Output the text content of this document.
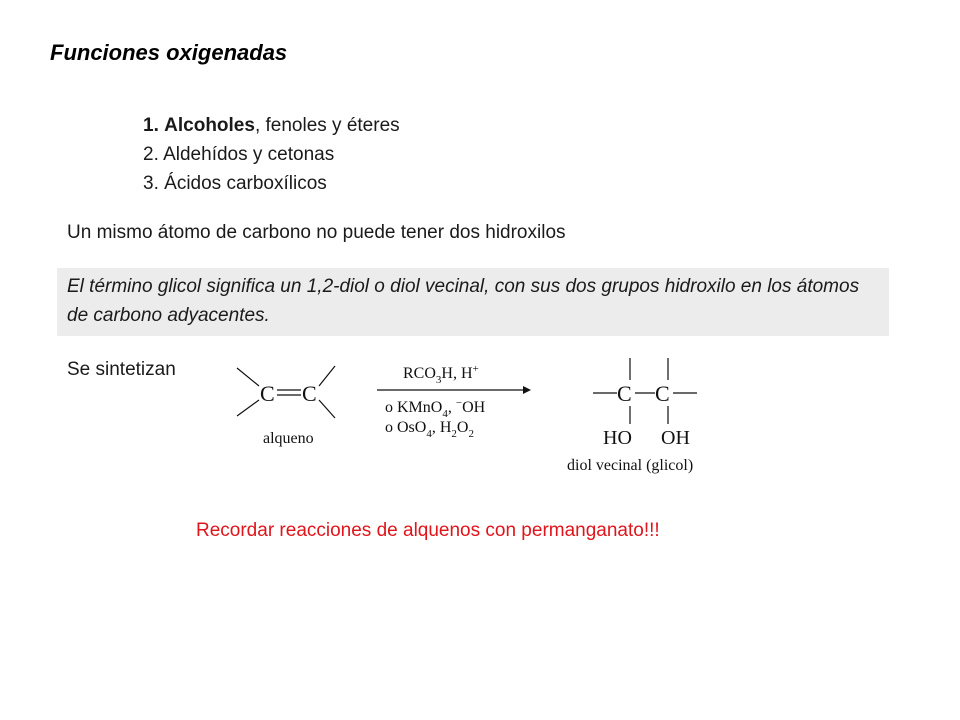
Funciones oxigenadas
1. Alcoholes, fenoles y éteres
2. Aldehídos y cetonas
3. Ácidos carboxílicos
Un mismo átomo de carbono no puede tener dos hidroxilos
El término glicol significa un 1,2-diol o diol vecinal, con sus dos grupos hidroxilo en los átomos de carbono adyacentes.
Se sintetizan
C C
alqueno
$RCO_3H$, H+
o KMnO$_4$, −OH
o OsO$_4$, $H_2O_2$
C C
HO OH
diol vecinal (glicol)
Recordar reacciones de alquenos con permanganato!!!
